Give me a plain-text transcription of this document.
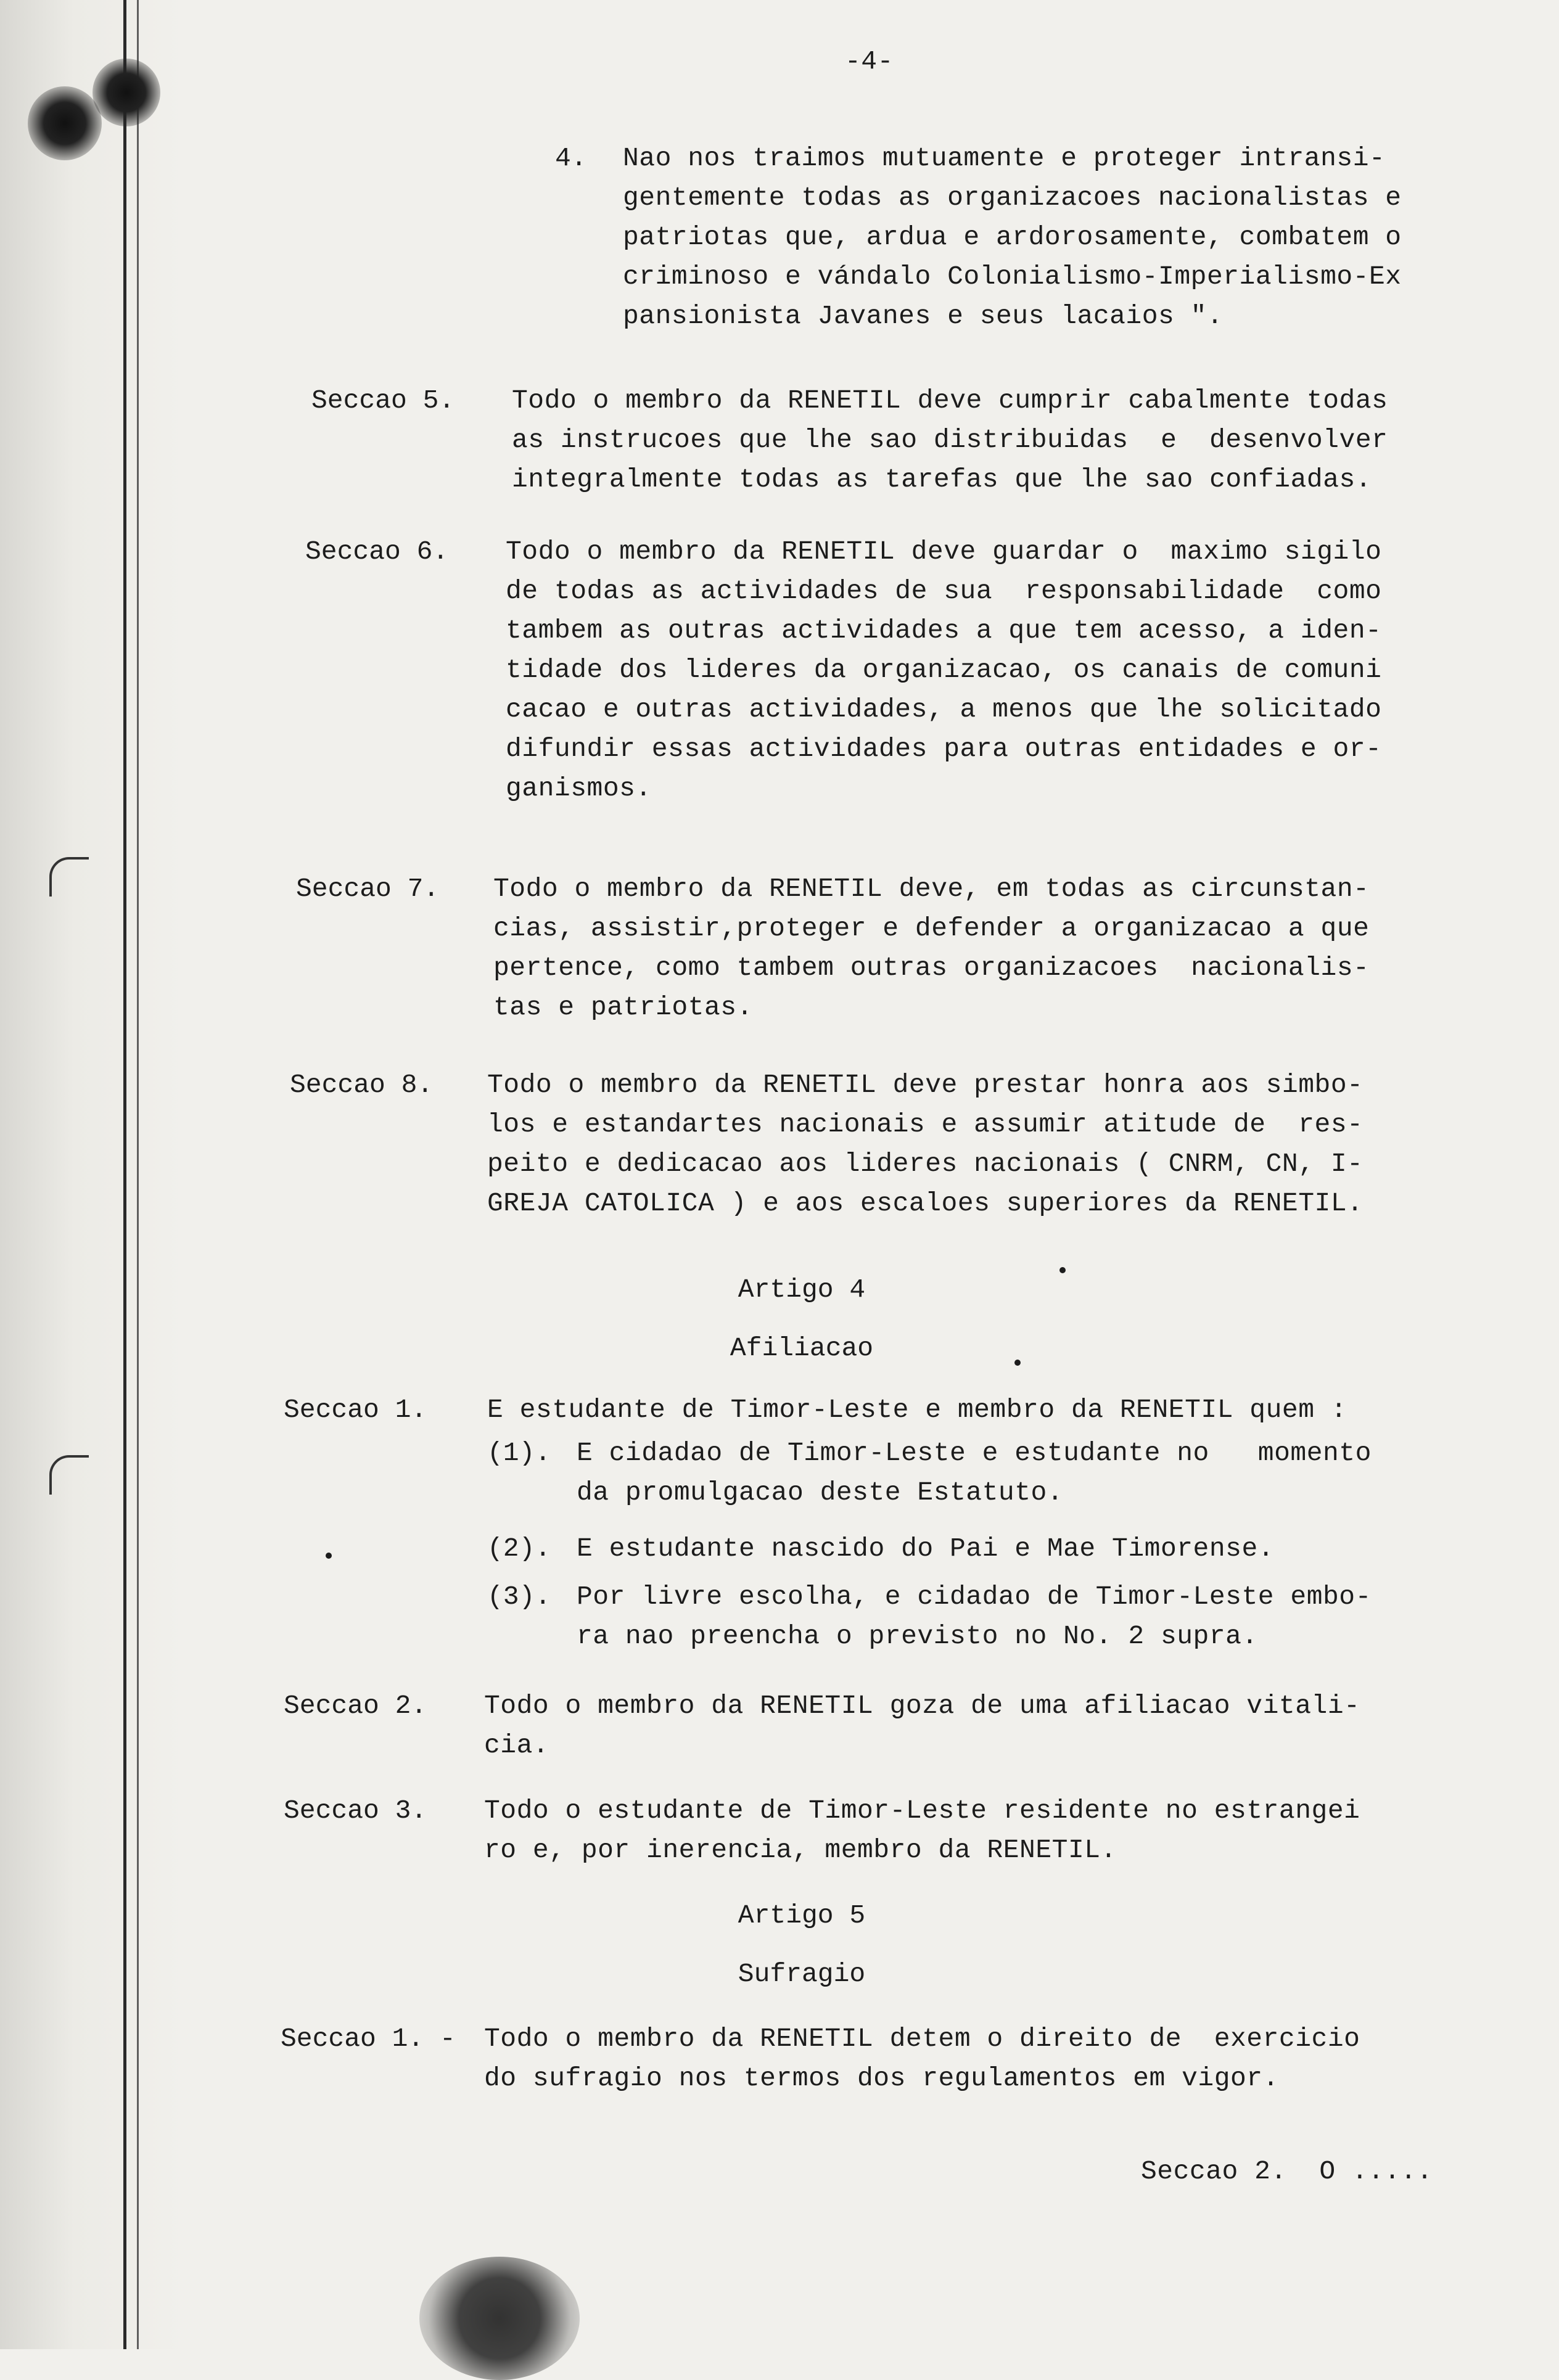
-4-
4. Nao nos traimos mutuamente e proteger intransi-
gentemente todas as organizacoes nacionalistas e
patriotas que, ardua e ardorosamente, combatem o
criminoso e vándalo Colonialismo-Imperialismo-Ex
pansionista Javanes e seus lacaios ".
Seccao 5. Todo o membro da RENETIL deve cumprir cabalmente todas
as instrucoes que lhe sao distribuidas  e  desenvolver
integralmente todas as tarefas que lhe sao confiadas.
Seccao 6. Todo o membro da RENETIL deve guardar o  maximo sigilo
de todas as actividades de sua  responsabilidade  como
tambem as outras actividades a que tem acesso, a iden-
tidade dos lideres da organizacao, os canais de comuni
cacao e outras actividades, a menos que lhe solicitado
difundir essas actividades para outras entidades e or-
ganismos.
Seccao 7. Todo o membro da RENETIL deve, em todas as circunstan-
cias, assistir,proteger e defender a organizacao a que
pertence, como tambem outras organizacoes  nacionalis-
tas e patriotas.
Seccao 8. Todo o membro da RENETIL deve prestar honra aos simbo-
los e estandartes nacionais e assumir atitude de  res-
peito e dedicacao aos lideres nacionais ( CNRM, CN, I-
GREJA CATOLICA ) e aos escaloes superiores da RENETIL.
Artigo 4
Afiliacao
Seccao 1. E estudante de Timor-Leste e membro da RENETIL quem :
(1). E cidadao de Timor-Leste e estudante no   momento
da promulgacao deste Estatuto.
(2). E estudante nascido do Pai e Mae Timorense.
(3). Por livre escolha, e cidadao de Timor-Leste embo-
ra nao preencha o previsto no No. 2 supra.
Seccao 2. Todo o membro da RENETIL goza de uma afiliacao vitali-
cia.
Seccao 3. Todo o estudante de Timor-Leste residente no estrangei
ro e, por inerencia, membro da RENETIL.
Artigo 5
Sufragio
Seccao 1. - Todo o membro da RENETIL detem o direito de  exercicio
do sufragio nos termos dos regulamentos em vigor.
Seccao 2.  O .....
